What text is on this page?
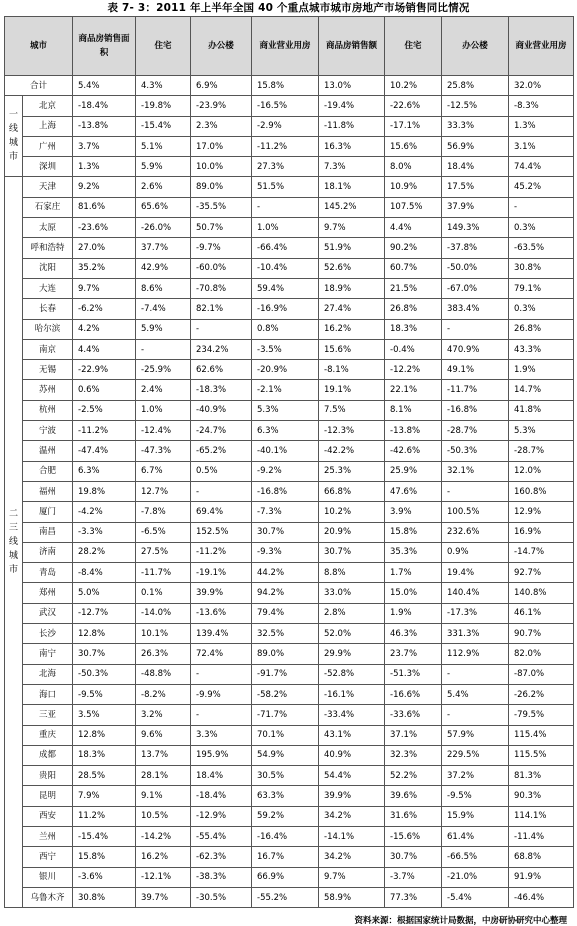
表 7- 3：2011 年上半年全国 40 个重点城市城市房地产市场销售同比情况
城市		商品房销售面积	住宅	办公楼	商业营业用房	商品房销售额	住宅	办公楼	商业营业用房
合计		5.4%	4.3%	6.9%	15.8%	13.0%	10.2%	25.8%	32.0%
一线城市	北京	-18.4%	-19.8%	-23.9%	-16.5%	-19.4%	-22.6%	-12.5%	-8.3%
	上海	-13.8%	-15.4%	2.3%	-2.9%	-11.8%	-17.1%	33.3%	1.3%
	广州	3.7%	5.1%	17.0%	-11.2%	16.3%	15.6%	56.9%	3.1%
	深圳	1.3%	5.9%	10.0%	27.3%	7.3%	8.0%	18.4%	74.4%
二三线城市	天津	9.2%	2.6%	89.0%	51.5%	18.1%	10.9%	17.5%	45.2%
	石家庄	81.6%	65.6%	-35.5%	-	145.2%	107.5%	37.9%	-
	太原	-23.6%	-26.0%	50.7%	1.0%	9.7%	4.4%	149.3%	0.3%
	呼和浩特	27.0%	37.7%	-9.7%	-66.4%	51.9%	90.2%	-37.8%	-63.5%
	沈阳	35.2%	42.9%	-60.0%	-10.4%	52.6%	60.7%	-50.0%	30.8%
	大连	9.7%	8.6%	-70.8%	59.4%	18.9%	21.5%	-67.0%	79.1%
	长春	-6.2%	-7.4%	82.1%	-16.9%	27.4%	26.8%	383.4%	0.3%
	哈尔滨	4.2%	5.9%	-	0.8%	16.2%	18.3%	-	26.8%
	南京	4.4%	-	234.2%	-3.5%	15.6%	-0.4%	470.9%	43.3%
	无锡	-22.9%	-25.9%	62.6%	-20.9%	-8.1%	-12.2%	49.1%	1.9%
	苏州	0.6%	2.4%	-18.3%	-2.1%	19.1%	22.1%	-11.7%	14.7%
	杭州	-2.5%	1.0%	-40.9%	5.3%	7.5%	8.1%	-16.8%	41.8%
	宁波	-11.2%	-12.4%	-24.7%	6.3%	-12.3%	-13.8%	-28.7%	5.3%
	温州	-47.4%	-47.3%	-65.2%	-40.1%	-42.2%	-42.6%	-50.3%	-28.7%
	合肥	6.3%	6.7%	0.5%	-9.2%	25.3%	25.9%	32.1%	12.0%
	福州	19.8%	12.7%	-	-16.8%	66.8%	47.6%	-	160.8%
	厦门	-4.2%	-7.8%	69.4%	-7.3%	10.2%	3.9%	100.5%	12.9%
	南昌	-3.3%	-6.5%	152.5%	30.7%	20.9%	15.8%	232.6%	16.9%
	济南	28.2%	27.5%	-11.2%	-9.3%	30.7%	35.3%	0.9%	-14.7%
	青岛	-8.4%	-11.7%	-19.1%	44.2%	8.8%	1.7%	19.4%	92.7%
	郑州	5.0%	0.1%	39.9%	94.2%	33.0%	15.0%	140.4%	140.8%
	武汉	-12.7%	-14.0%	-13.6%	79.4%	2.8%	1.9%	-17.3%	46.1%
	长沙	12.8%	10.1%	139.4%	32.5%	52.0%	46.3%	331.3%	90.7%
	南宁	30.7%	26.3%	72.4%	89.0%	29.9%	23.7%	112.9%	82.0%
	北海	-50.3%	-48.8%	-	-91.7%	-52.8%	-51.3%	-	-87.0%
	海口	-9.5%	-8.2%	-9.9%	-58.2%	-16.1%	-16.6%	5.4%	-26.2%
	三亚	3.5%	3.2%	-	-71.7%	-33.4%	-33.6%	-	-79.5%
	重庆	12.8%	9.6%	3.3%	70.1%	43.1%	37.1%	57.9%	115.4%
	成都	18.3%	13.7%	195.9%	54.9%	40.9%	32.3%	229.5%	115.5%
	贵阳	28.5%	28.1%	18.4%	30.5%	54.4%	52.2%	37.2%	81.3%
	昆明	7.9%	9.1%	-18.4%	63.3%	39.9%	39.6%	-9.5%	90.3%
	西安	11.2%	10.5%	-12.9%	59.2%	34.2%	31.6%	15.9%	114.1%
	兰州	-15.4%	-14.2%	-55.4%	-16.4%	-14.1%	-15.6%	61.4%	-11.4%
	西宁	15.8%	16.2%	-62.3%	16.7%	34.2%	30.7%	-66.5%	68.8%
	银川	-3.6%	-12.1%	-38.3%	66.9%	9.7%	-3.7%	-21.0%	91.9%
	乌鲁木齐	30.8%	39.7%	-30.5%	-55.2%	58.9%	77.3%	-5.4%	-46.4%
资料来源：根据国家统计局数据，中房研协研究中心整理
